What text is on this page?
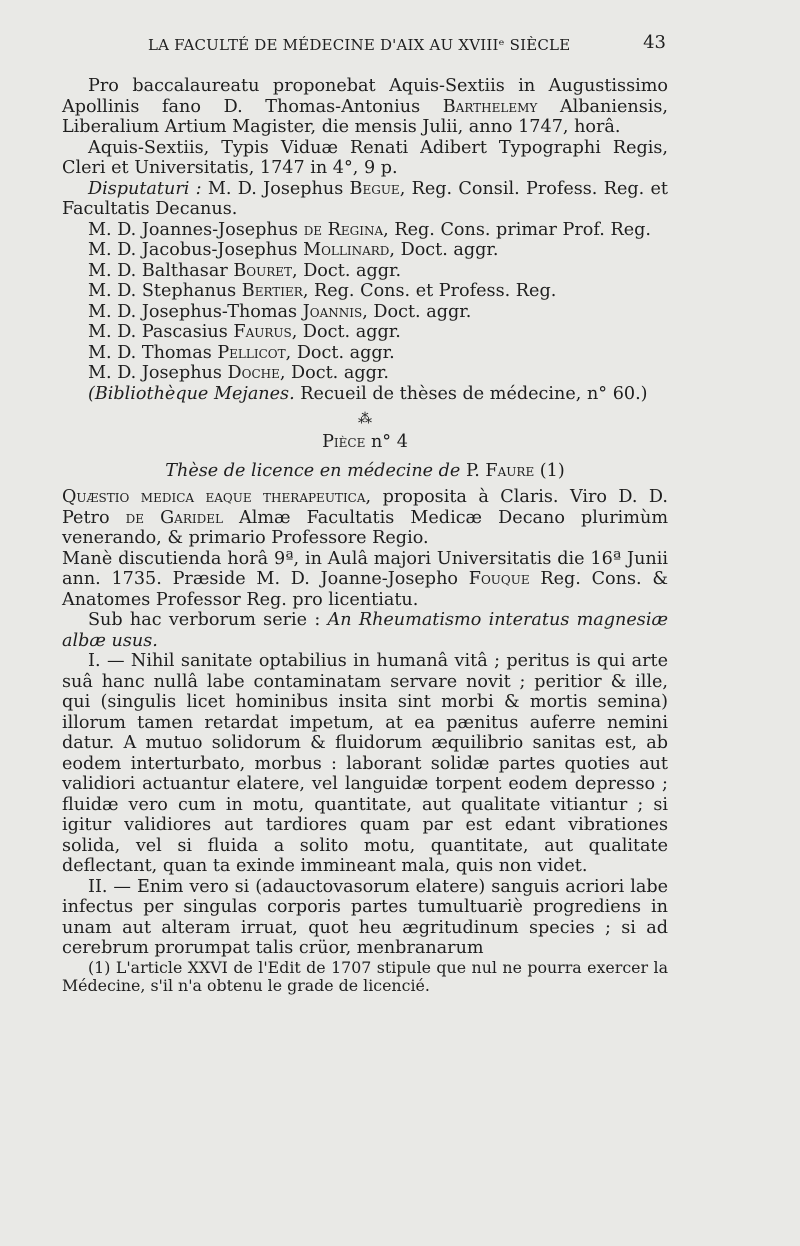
LA FACULTÉ DE MÉDECINE D'AIX AU XVIIIᵉ SIÈCLE	43

Pro baccalaureatu proponebat Aquis-Sextiis in Augustissimo Apollinis fano D. Thomas-Antonius Barthelemy Albaniensis, Liberalium Artium Magister, die mensis Julii, anno 1747, horâ.

Aquis-Sextiis, Typis Viduæ Renati Adibert Typographi Regis, Cleri et Universitatis, 1747 in 4°, 9 p.

Disputaturi : M. D. Josephus Begue, Reg. Consil. Profess. Reg. et Facultatis Decanus.

M. D. Joannes-Josephus de Regina, Reg. Cons. primar Prof. Reg.

M. D. Jacobus-Josephus Mollinard, Doct. aggr.

M. D. Balthasar Bouret, Doct. aggr.

M. D. Stephanus Bertier, Reg. Cons. et Profess. Reg.

M. D. Josephus-Thomas Joannis, Doct. aggr.

M. D. Pascasius Faurus, Doct. aggr.

M. D. Thomas Pellicot, Doct. aggr.

M. D. Josephus Doche, Doct. aggr.

(Bibliothèque Mejanes. Recueil de thèses de médecine, n° 60.)

⁂
Pièce n° 4
Thèse de licence en médecine de P. Faure (1)

Quæstio medica eaque therapeutica, proposita à Claris. Viro D. D. Petro de Garidel Almæ Facultatis Medicæ Decano plurimùm venerando, & primario Professore Regio.

Manè discutienda horâ 9ª, in Aulâ majori Universitatis die 16ª Junii ann. 1735. Præside M. D. Joanne-Josepho Fouque Reg. Cons. & Anatomes Professor Reg. pro licentiatu.

Sub hac verborum serie : An Rheumatismo interatus magnesiæ albæ usus.

I. — Nihil sanitate optabilius in humanâ vitâ ; peritus is qui arte suâ hanc nullâ labe contaminatam servare novit ; peritior & ille, qui (singulis licet hominibus insita sint morbi & mortis semina) illorum tamen retardat impetum, at ea pænitus auferre nemini datur. A mutuo solidorum & fluidorum æquilibrio sanitas est, ab eodem interturbato, morbus : laborant solidæ partes quoties aut validiori actuantur elatere, vel languidæ torpent eodem depresso ; fluidæ vero cum in motu, quantitate, aut qualitate vitiantur ; si igitur validiores aut tardiores quam par est edant vibrationes solida, vel si fluida a solito motu, quantitate, aut qualitate deflectant, quan ta exinde immineant mala, quis non videt.

II. — Enim vero si (adauctovasorum elatere) sanguis acriori labe infectus per singulas corporis partes tumultuariè progrediens in unam aut alteram irruat, quot heu ægritudinum species ; si ad cerebrum prorumpat talis crüor, menbranarum

(1) L'article XXVI de l'Edit de 1707 stipule que nul ne pourra exercer la Médecine, s'il n'a obtenu le grade de licencié.
